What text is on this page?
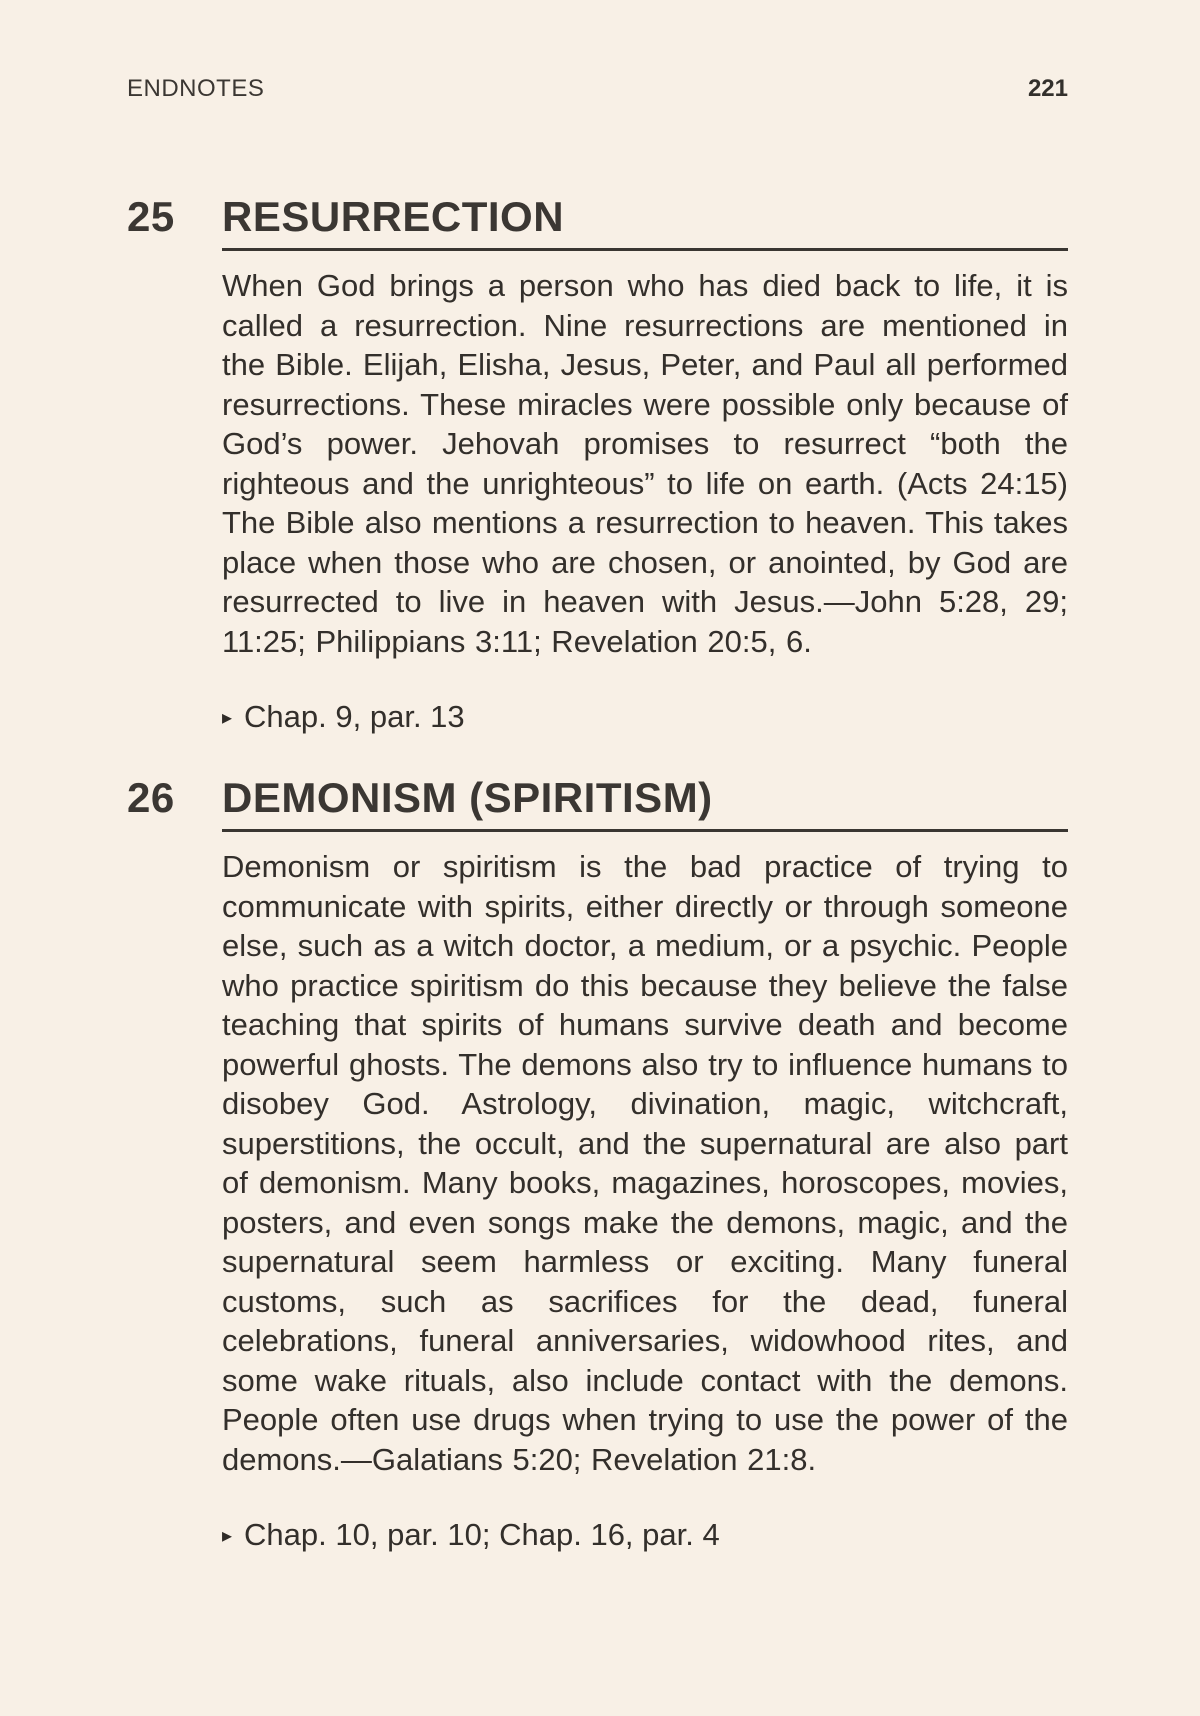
ENDNOTES	221
25	RESURRECTION

When God brings a person who has died back to life, it is called a resurrection. Nine resurrections are mentioned in the Bible. Elijah, Elisha, Jesus, Peter, and Paul all performed resurrections. These miracles were possible only because of God’s power. Jehovah promises to resurrect “both the righteous and the unrighteous” to life on earth. (Acts 24:15) The Bible also mentions a resurrection to heaven. This takes place when those who are chosen, or anointed, by God are resurrected to live in heaven with Jesus.—John 5:28, 29; 11:25; Philippians 3:11; Revelation 20:5, 6.

▸ Chap. 9, par. 13
26	DEMONISM (SPIRITISM)

Demonism or spiritism is the bad practice of trying to communicate with spirits, either directly or through someone else, such as a witch doctor, a medium, or a psychic. People who practice spiritism do this because they believe the false teaching that spirits of humans survive death and become powerful ghosts. The demons also try to influence humans to disobey God. Astrology, divination, magic, witchcraft, superstitions, the occult, and the supernatural are also part of demonism. Many books, magazines, horoscopes, movies, posters, and even songs make the demons, magic, and the supernatural seem harmless or exciting. Many funeral customs, such as sacrifices for the dead, funeral celebrations, funeral anniversaries, widowhood rites, and some wake rituals, also include contact with the demons. People often use drugs when trying to use the power of the demons.—Galatians 5:20; Revelation 21:8.

▸ Chap. 10, par. 10; Chap. 16, par. 4
